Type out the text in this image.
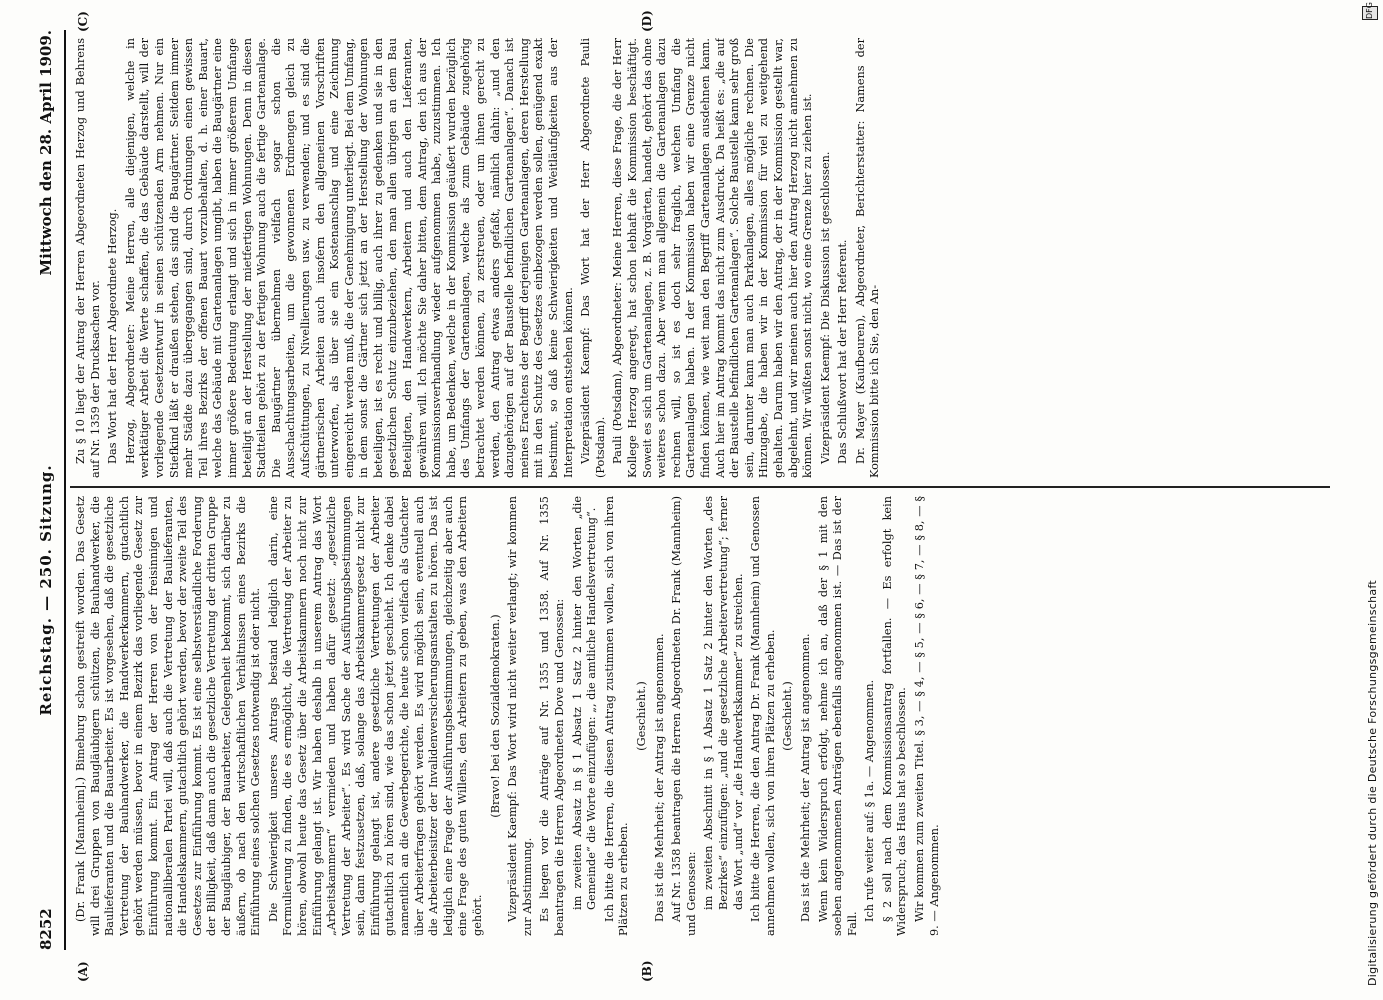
8252
Reichstag. — 250. Sitzung.
Mittwoch den 28. April 1909.
(A)	(B)
(C)	(D)

(Dr. Frank [Mannheim].) Bimeburg schon gestreift worden. Das Gesetz will drei Gruppen von Baugläubigern schützen, die Bauhandwerker, die Baulieferanten und die Bauarbeiter. Es ist vorgesehen, daß die gesetzliche Vertretung der Bauhandwerker, die Handwerkerkammern, gutachtlich gehört werden müssen, bevor in einem Bezirk das vorliegende Gesetz zur Einführung kommt. Ein Antrag der Herren von der freisinnigen und nationalliberalen Partei will, daß auch die Vertretung der Baulieferanten, die Handelskammern, gutachtlich gehört werden, bevor der zweite Teil des Gesetzes zur Einführung kommt. Es ist eine selbstverständliche Forderung der Billigkeit, daß dann auch die gesetzliche Vertretung der dritten Gruppe der Baugläubiger, der Bauarbeiter, Gelegenheit bekommt, sich darüber zu äußern, ob nach den wirtschaftlichen Verhältnissen eines Bezirks die Einführung eines solchen Gesetzes notwendig ist oder nicht. Die Schwierigkeit unseres Antrags bestand lediglich darin, eine Formulierung zu finden, die es ermöglicht, die Vertretung der Arbeiter zu hören, obwohl heute das Gesetz über die Arbeitskammern noch nicht zur Einführung gelangt ist. Wir haben deshalb in unserem Antrag das Wort „Arbeitskammern“ vermieden und haben dafür gesetzt: „gesetzliche Vertretung der Arbeiter“. Es wird Sache der Ausführungsbestimmungen sein, dann festzusetzen, daß, solange das Arbeitskammergesetz nicht zur Einführung gelangt ist, andere gesetzliche Vertretungen der Arbeiter gutachtlich zu hören sind, wie das schon jetzt geschieht. Ich denke dabei namentlich an die Gewerbegerichte, die heute schon vielfach als Gutachter über Arbeiterfragen gehört werden. Es wird möglich sein, eventuell auch die Arbeiterbeisitzer der Invalidenversicherungsanstalten zu hören. Das ist lediglich eine Frage der Ausführungsbestimmungen, gleichzeitig aber auch eine Frage des guten Willens, den Arbeitern zu geben, was den Arbeitern gehört.

(Bravo! bei den Sozialdemokraten.) Vizepräsident Kaempf: Das Wort wird nicht weiter verlangt; wir kommen zur Abstimmung. Es liegen vor die Anträge auf Nr. 1355 und 1358. Auf Nr. 1355 beantragen die Herren Abgeordneten Dove und Genossen: im zweiten Absatz in § 1 Absatz 1 Satz 2 hinter den Worten „die Gemeinde“ die Worte einzufügen: „, die amtliche Handelsvertretung“. Ich bitte die Herren, die diesen Antrag zustimmen wollen, sich von ihren Plätzen zu erheben.

(Geschieht.) Das ist die Mehrheit; der Antrag ist angenommen. Auf Nr. 1358 beantragen die Herren Abgeordneten Dr. Frank (Mannheim) und Genossen: im zweiten Abschnitt in § 1 Absatz 1 Satz 2 hinter den Worten „des Bezirkes“ einzufügen: „und die gesetzliche Arbeitervertretung“; ferner das Wort „und“ vor „die Handwerkskammer“ zu streichen. Ich bitte die Herren, die den Antrag Dr. Frank (Mannheim) und Genossen annehmen wollen, sich von ihren Plätzen zu erheben. (Geschieht.) Das ist die Mehrheit; der Antrag ist angenommen. Wenn kein Widerspruch erfolgt, nehme ich an, daß der § 1 mit den soeben angenommenen Anträgen ebenfalls angenommen ist. — Das ist der Fall.

Ich rufe weiter auf: § 1a. — Angenommen. § 2 soll nach dem Kommissionsantrag fortfallen. — Es erfolgt kein Widerspruch; das Haus hat so beschlossen. Wir kommen zum zweiten Titel. § 3, — § 4, — § 5, — § 6, — § 7, — § 8, — § 9. — Angenommen.

Zu § 10 liegt der Antrag der Herren Abgeordneten Herzog und Behrens auf Nr. 1359 der Drucksachen vor. Das Wort hat der Herr Abgeordnete Herzog. Herzog, Abgeordneter: Meine Herren, alle diejenigen, welche in werktätiger Arbeit die Werte schaffen, die das Gebäude darstellt, will der vorliegende Gesetzentwurf in seinen schützenden Arm nehmen. Nur ein Stiefkind läßt er draußen stehen, das sind die Baugärtner. Seitdem immer mehr Städte dazu übergegangen sind, durch Ordnungen einen gewissen Teil ihres Bezirks der offenen Bauart vorzubehalten, d. h. einer Bauart, welche das Gebäude mit Gartenanlagen umgibt, haben die Baugärtner eine immer größere Bedeutung erlangt und sich in immer größerem Umfange beteiligt an der Herstellung der mietfertigen Wohnungen. Denn in diesen Stadtteilen gehört zu der fertigen Wohnung auch die fertige Gartenanlage. Die Baugärtner übernehmen vielfach sogar schon die Ausschachtungsarbeiten, um die gewonnenen Erdmengen gleich zu Aufschüttungen, zu Nivellierungen usw. zu verwenden; und es sind die gärtnerischen Arbeiten auch insofern den allgemeinen Vorschriften unterworfen, als über sie ein Kostenanschlag und eine Zeichnung eingereicht werden muß, die der Genehmigung unterliegt. Bei dem Umfang, in dem sonst die Gärtner sich jetzt an der Herstellung der Wohnungen beteiligen, ist es recht und billig, auch ihrer zu gedenken und sie in den gesetzlichen Schutz einzubeziehen, den man allen übrigen an dem Bau Beteiligten, den Handwerkern, Arbeitern und auch den Lieferanten, gewähren will. Ich möchte Sie daher bitten, dem Antrag, den ich aus der Kommissionsverhandlung wieder aufgenommen habe, zuzustimmen. Ich habe, um Bedenken, welche in der Kommission geäußert wurden bezüglich des Umfangs der Gartenanlagen, welche als zum Gebäude zugehörig betrachtet werden können, zu zerstreuen, oder um ihnen gerecht zu werden, den Antrag etwas anders gefaßt, nämlich dahin: „und den dazugehörigen auf der Baustelle befindlichen Gartenanlagen“. Danach ist meines Erachtens der Begriff derjenigen Gartenanlagen, deren Herstellung mit in den Schutz des Gesetzes einbezogen werden sollen, genügend exakt bestimmt, so daß keine Schwierigkeiten und Weitläufigkeiten aus der Interpretation entstehen können. Vizepräsident Kaempf: Das Wort hat der Herr Abgeordnete Pauli (Potsdam). Pauli (Potsdam), Abgeordneter: Meine Herren, diese Frage, die der Herr Kollege Herzog angeregt, hat schon lebhaft die Kommission beschäftigt. Soweit es sich um Gartenanlagen, z. B. Vorgärten, handelt, gehört das ohne weiteres schon dazu. Aber wenn man allgemein die Gartenanlagen dazu rechnen will, so ist es doch sehr fraglich, welchen Umfang die Gartenanlagen haben. In der Kommission haben wir eine Grenze nicht finden können, wie weit man den Begriff Gartenanlagen ausdehnen kann. Auch hier im Antrag kommt das nicht zum Ausdruck. Da heißt es: „die auf der Baustelle befindlichen Gartenanlagen“. Solche Baustelle kann sehr groß sein, darunter kann man auch Parkanlagen, alles mögliche rechnen. Die Hinzugabe, die haben wir in der Kommission für viel zu weitgehend gehalten. Darum haben wir den Antrag, der in der Kommission gestellt war, abgelehnt, und wir meinen auch hier den Antrag Herzog nicht annehmen zu können. Wir wüßten sonst nicht, wo eine Grenze hier zu ziehen ist. Vizepräsident Kaempf: Die Diskussion ist geschlossen. Das Schlußwort hat der Herr Referent. Dr. Mayer (Kaufbeuren), Abgeordneter, Berichterstatter: Namens der Kommission bitte ich Sie, den An-

Digitalisierung gefördert durch die Deutsche Forschungsgemeinschaft
DFG
